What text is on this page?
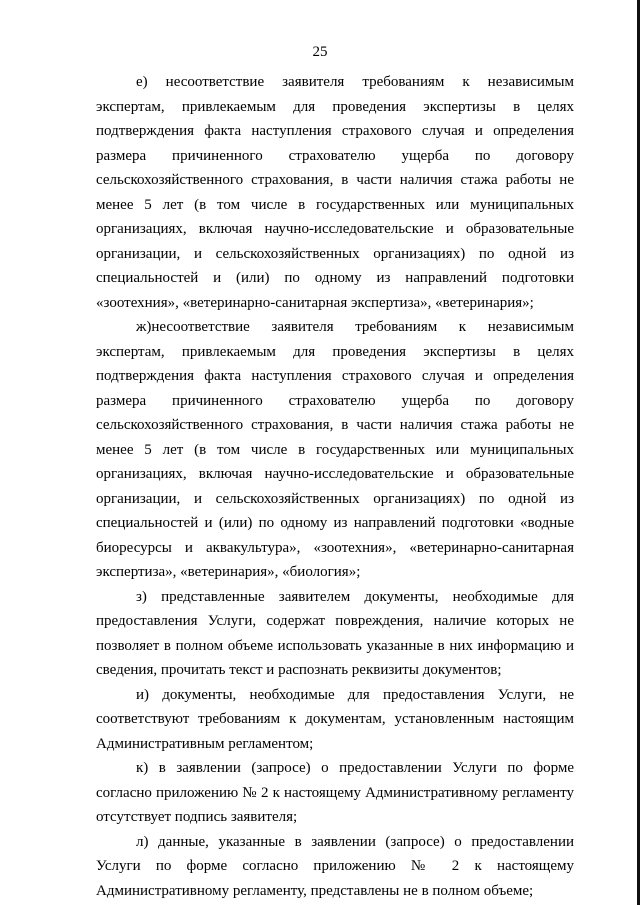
25

е) несоответствие заявителя требованиям к независимым экспертам, привлекаемым для проведения экспертизы в целях подтверждения факта наступления страхового случая и определения размера причиненного страхователю ущерба по договору сельскохозяйственного страхования, в части наличия стажа работы не менее 5 лет (в том числе в государственных или муниципальных организациях, включая научно-исследовательские и образовательные организации, и сельскохозяйственных организациях) по одной из специальностей и (или) по одному из направлений подготовки «зоотехния», «ветеринарно-санитарная экспертиза», «ветеринария»;

ж)несоответствие заявителя требованиям к независимым экспертам, привлекаемым для проведения экспертизы в целях подтверждения факта наступления страхового случая и определения размера причиненного страхователю ущерба по договору сельскохозяйственного страхования, в части наличия стажа работы не менее 5 лет (в том числе в государственных или муниципальных организациях, включая научно-исследовательские и образовательные организации, и сельскохозяйственных организациях) по одной из специальностей и (или) по одному из направлений подготовки «водные биоресурсы и аквакультура», «зоотехния», «ветеринарно-санитарная экспертиза», «ветеринария», «биология»;

з) представленные заявителем документы, необходимые для предоставления Услуги, содержат повреждения, наличие которых не позволяет в полном объеме использовать указанные в них информацию и сведения, прочитать текст и распознать реквизиты документов;

и) документы, необходимые для предоставления Услуги, не соответствуют требованиям к документам, установленным настоящим Административным регламентом;

к) в заявлении (запросе) о предоставлении Услуги по форме согласно приложению № 2 к настоящему Административному регламенту отсутствует подпись заявителя;

л) данные, указанные в заявлении (запросе) о предоставлении Услуги по форме согласно приложению № 2 к настоящему Административному регламенту, представлены не в полном объеме;
